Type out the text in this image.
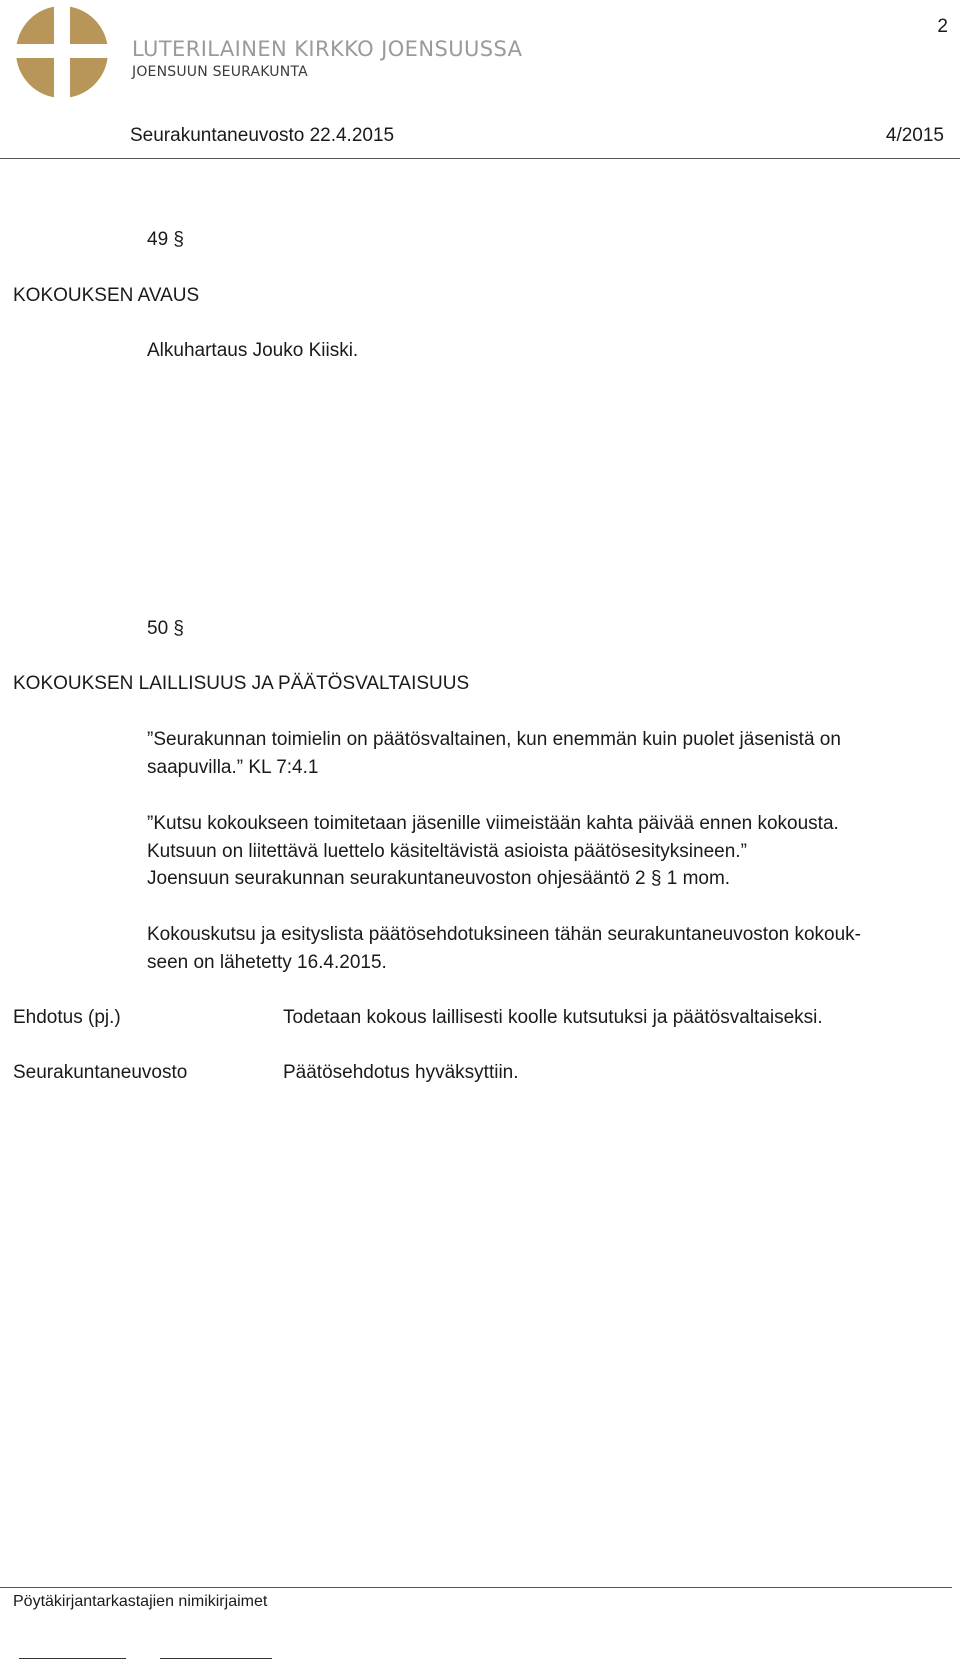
LUTERILAINEN KIRKKO JOENSUUSSA
JOENSUUN SEURAKUNTA
2
Seurakuntaneuvosto 22.4.2015	4/2015
49 §
KOKOUKSEN AVAUS
Alkuhartaus Jouko Kiiski.
50 §
KOKOUKSEN LAILLISUUS JA PÄÄTÖSVALTAISUUS
”Seurakunnan toimielin on päätösvaltainen, kun enemmän kuin puolet jäsenistä on
saapuvilla.” KL 7:4.1
”Kutsu kokoukseen toimitetaan jäsenille viimeistään kahta päivää ennen kokousta.
Kutsuun on liitettävä luettelo käsiteltävistä asioista päätösesityksineen.”
Joensuun seurakunnan seurakuntaneuvoston ohjesääntö 2 § 1 mom.
Kokouskutsu ja esityslista päätösehdotuksineen tähän seurakuntaneuvoston kokouk-
seen on lähetetty 16.4.2015.
Ehdotus (pj.)	Todetaan kokous laillisesti koolle kutsutuksi ja päätösvaltaiseksi.
Seurakuntaneuvosto	Päätösehdotus hyväksyttiin.
Pöytäkirjantarkastajien nimikirjaimet
